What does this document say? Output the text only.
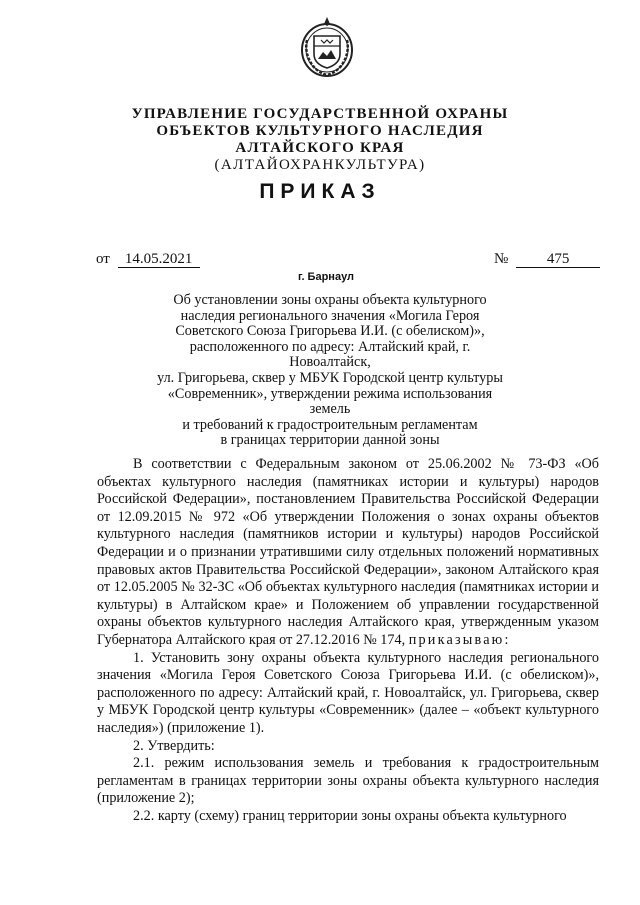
УПРАВЛЕНИЕ ГОСУДАРСТВЕННОЙ ОХРАНЫ

ОБЪЕКТОВ КУЛЬТУРНОГО НАСЛЕДИЯ

АЛТАЙСКОГО КРАЯ

(АЛТАЙОХРАНКУЛЬТУРА)

ПРИКАЗ
от 14.05.2021	№	475
г. Барнаул
Об установлении зоны охраны объекта культурного
наследия регионального значения «Могила Героя
Советского Союза Григорьева И.И. (с обелиском)»,
расположенного по адресу: Алтайский край, г. Новоалтайск,
ул. Григорьева, сквер у МБУК Городской центр культуры
«Современник», утверждении режима использования земель
и требований к градостроительным регламентам
в границах территории данной зоны

В соответствии с Федеральным законом от 25.06.2002 № 73-ФЗ «Об объектах культурного наследия (памятниках истории и культуры) народов Российской Федерации», постановлением Правительства Российской Федерации от 12.09.2015 № 972 «Об утверждении Положения о зонах охраны объектов культурного наследия (памятников истории и культуры) народов Российской Федерации и о признании утратившими силу отдельных положений нормативных правовых актов Правительства Российской Федерации», законом Алтайского края от 12.05.2005 № 32-ЗС «Об объектах культурного наследия (памятниках истории и культуры) в Алтайском крае» и Положением об управлении государственной охраны объектов культурного наследия Алтайского края, утвержденным указом Губернатора Алтайского края от 27.12.2016 № 174, приказываю:

1. Установить зону охраны объекта культурного наследия регионального значения «Могила Героя Советского Союза Григорьева И.И. (с обелиском)», расположенного по адресу: Алтайский край, г. Новоалтайск, ул. Григорьева, сквер у МБУК Городской центр культуры «Современник» (далее – «объект культурного наследия») (приложение 1).

2. Утвердить:

2.1. режим использования земель и требования к градостроительным регламентам в границах территории зоны охраны объекта культурного наследия (приложение 2);

2.2. карту (схему) границ территории зоны охраны объекта культурного
